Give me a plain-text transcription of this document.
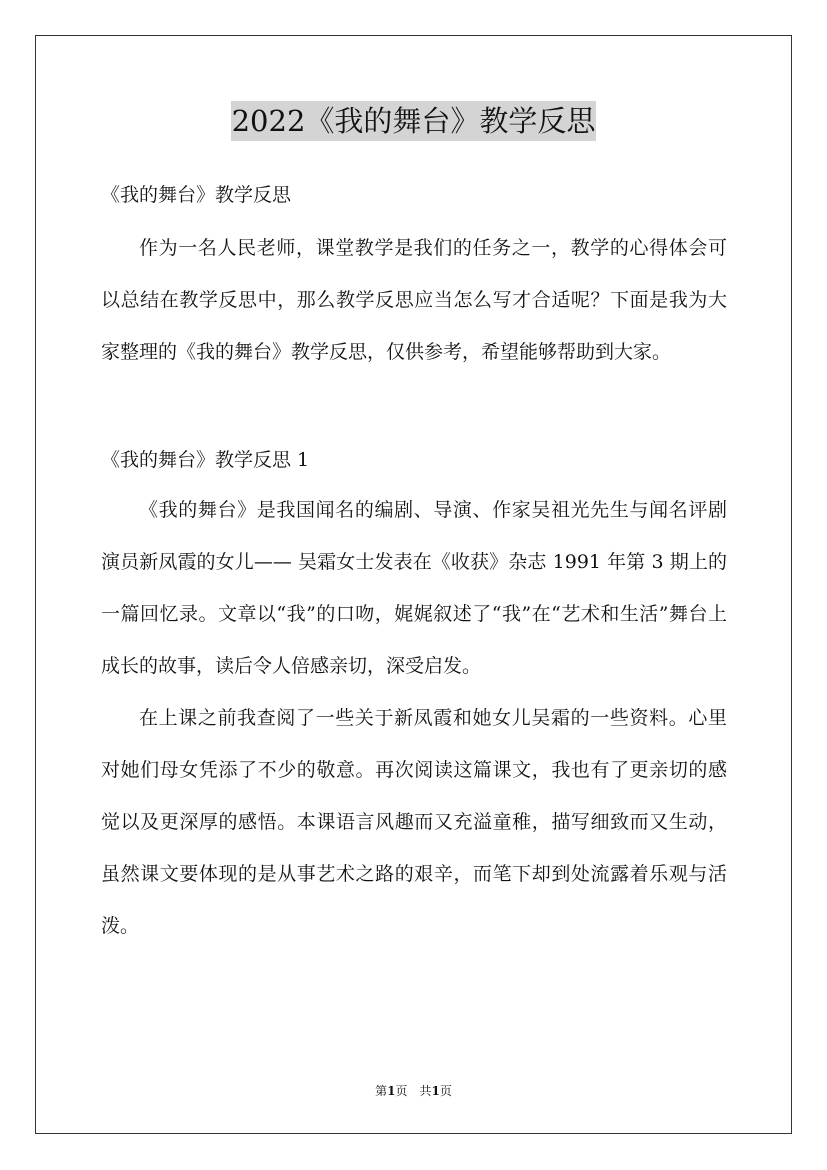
2022《我的舞台》教学反思

《我的舞台》教学反思

作为一名人民老师，课堂教学是我们的任务之一，教学的心得体会可以总结在教学反思中，那么教学反思应当怎么写才合适呢？下面是我为大家整理的《我的舞台》教学反思，仅供参考，希望能够帮助到大家。

《我的舞台》教学反思 1

《我的舞台》是我国闻名的编剧、导演、作家吴祖光先生与闻名评剧演员新凤霞的女儿—— 吴霜女士发表在《收获》杂志 1991 年第 3 期上的一篇回忆录。文章以“我”的口吻，娓娓叙述了“我”在“艺术和生活”舞台上成长的故事，读后令人倍感亲切，深受启发。

在上课之前我查阅了一些关于新凤霞和她女儿吴霜的一些资料。心里对她们母女凭添了不少的敬意。再次阅读这篇课文，我也有了更亲切的感觉以及更深厚的感悟。本课语言风趣而又充溢童稚，描写细致而又生动，虽然课文要体现的是从事艺术之路的艰辛，而笔下却到处流露着乐观与活泼。

第1页　共1页
